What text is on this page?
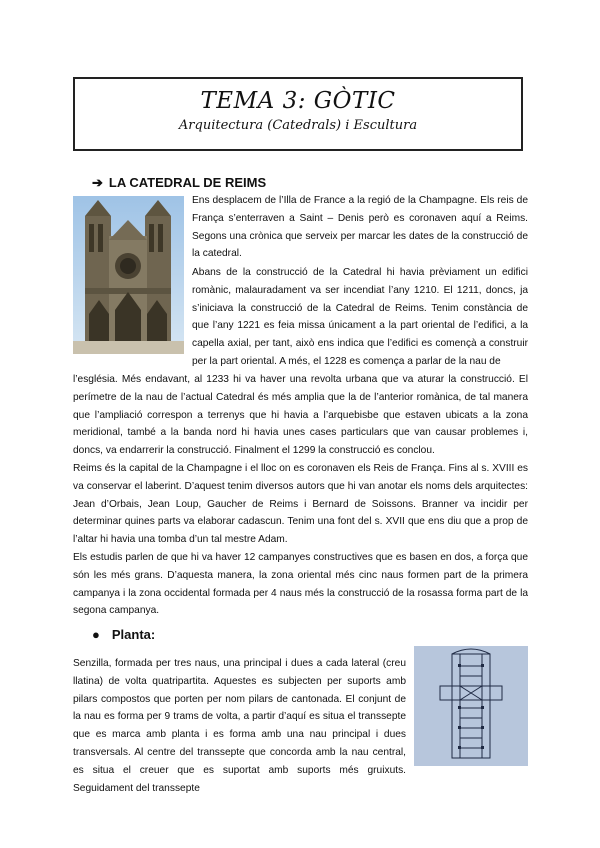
TEMA 3: GÒTIC
Arquitectura (Catedrals) i Escultura
➔ LA CATEDRAL DE REIMS

Ens desplacem de l’Illa de France a la regió de la Champagne. Els reis de França s’enterraven a Saint – Denis però es coronaven aquí a Reims. Segons una crònica que serveix per marcar les dates de la construcció de la catedral.

Abans de la construcció de la Catedral hi havia prèviament un edifici romànic, malauradament va ser incendiat l’any 1210. El 1211, doncs, ja s’iniciava la construcció de la Catedral de Reims. Tenim constància de que l’any 1221 es feia missa únicament a la part oriental de l’edifici, a la capella axial, per tant, això ens indica que l’edifici es començà a construir per la part oriental. A més, el 1228 es comença a parlar de la nau de

l’església. Més endavant, al 1233 hi va haver una revolta urbana que va aturar la construcció. El perímetre de la nau de l’actual Catedral és més amplia que la de l’anterior romànica, de tal manera que l’ampliació correspon a terrenys que hi havia a l’arquebisbe que estaven ubicats a la zona meridional, també a la banda nord hi havia unes cases particulars que van causar problemes i, doncs, va endarrerir la construcció. Finalment el 1299 la construcció es conclou.

Reims és la capital de la Champagne i el lloc on es coronaven els Reis de França. Fins al s. XVIII es va conservar el laberint. D’aquest tenim diversos autors que hi van anotar els noms dels arquitectes: Jean d’Orbais, Jean Loup, Gaucher de Reims i Bernard de Soissons. Branner va incidir per determinar quines parts va elaborar cadascun. Tenim una font del s. XVII que ens diu que a prop de l’altar hi havia una tomba d’un tal mestre Adam.

Els estudis parlen de que hi va haver 12 campanyes constructives que es basen en dos, a força que són les més grans. D’aquesta manera, la zona oriental més cinc naus formen part de la primera campanya i la zona occidental formada per 4 naus més la construcció de la rosassa forma part de la segona campanya.

● Planta:

Senzilla, formada per tres naus, una principal i dues a cada lateral (creu llatina) de volta quatripartita. Aquestes es subjecten per suports amb pilars compostos que porten per nom pilars de cantonada. El conjunt de la nau es forma per 9 trams de volta, a partir d’aquí es situa el transsepte que es marca amb planta i es forma amb una nau principal i dues transversals. Al centre del transsepte que concorda amb la nau central, es situa el creuer que es suportat amb suports més gruixuts. Seguidament del transsepte
